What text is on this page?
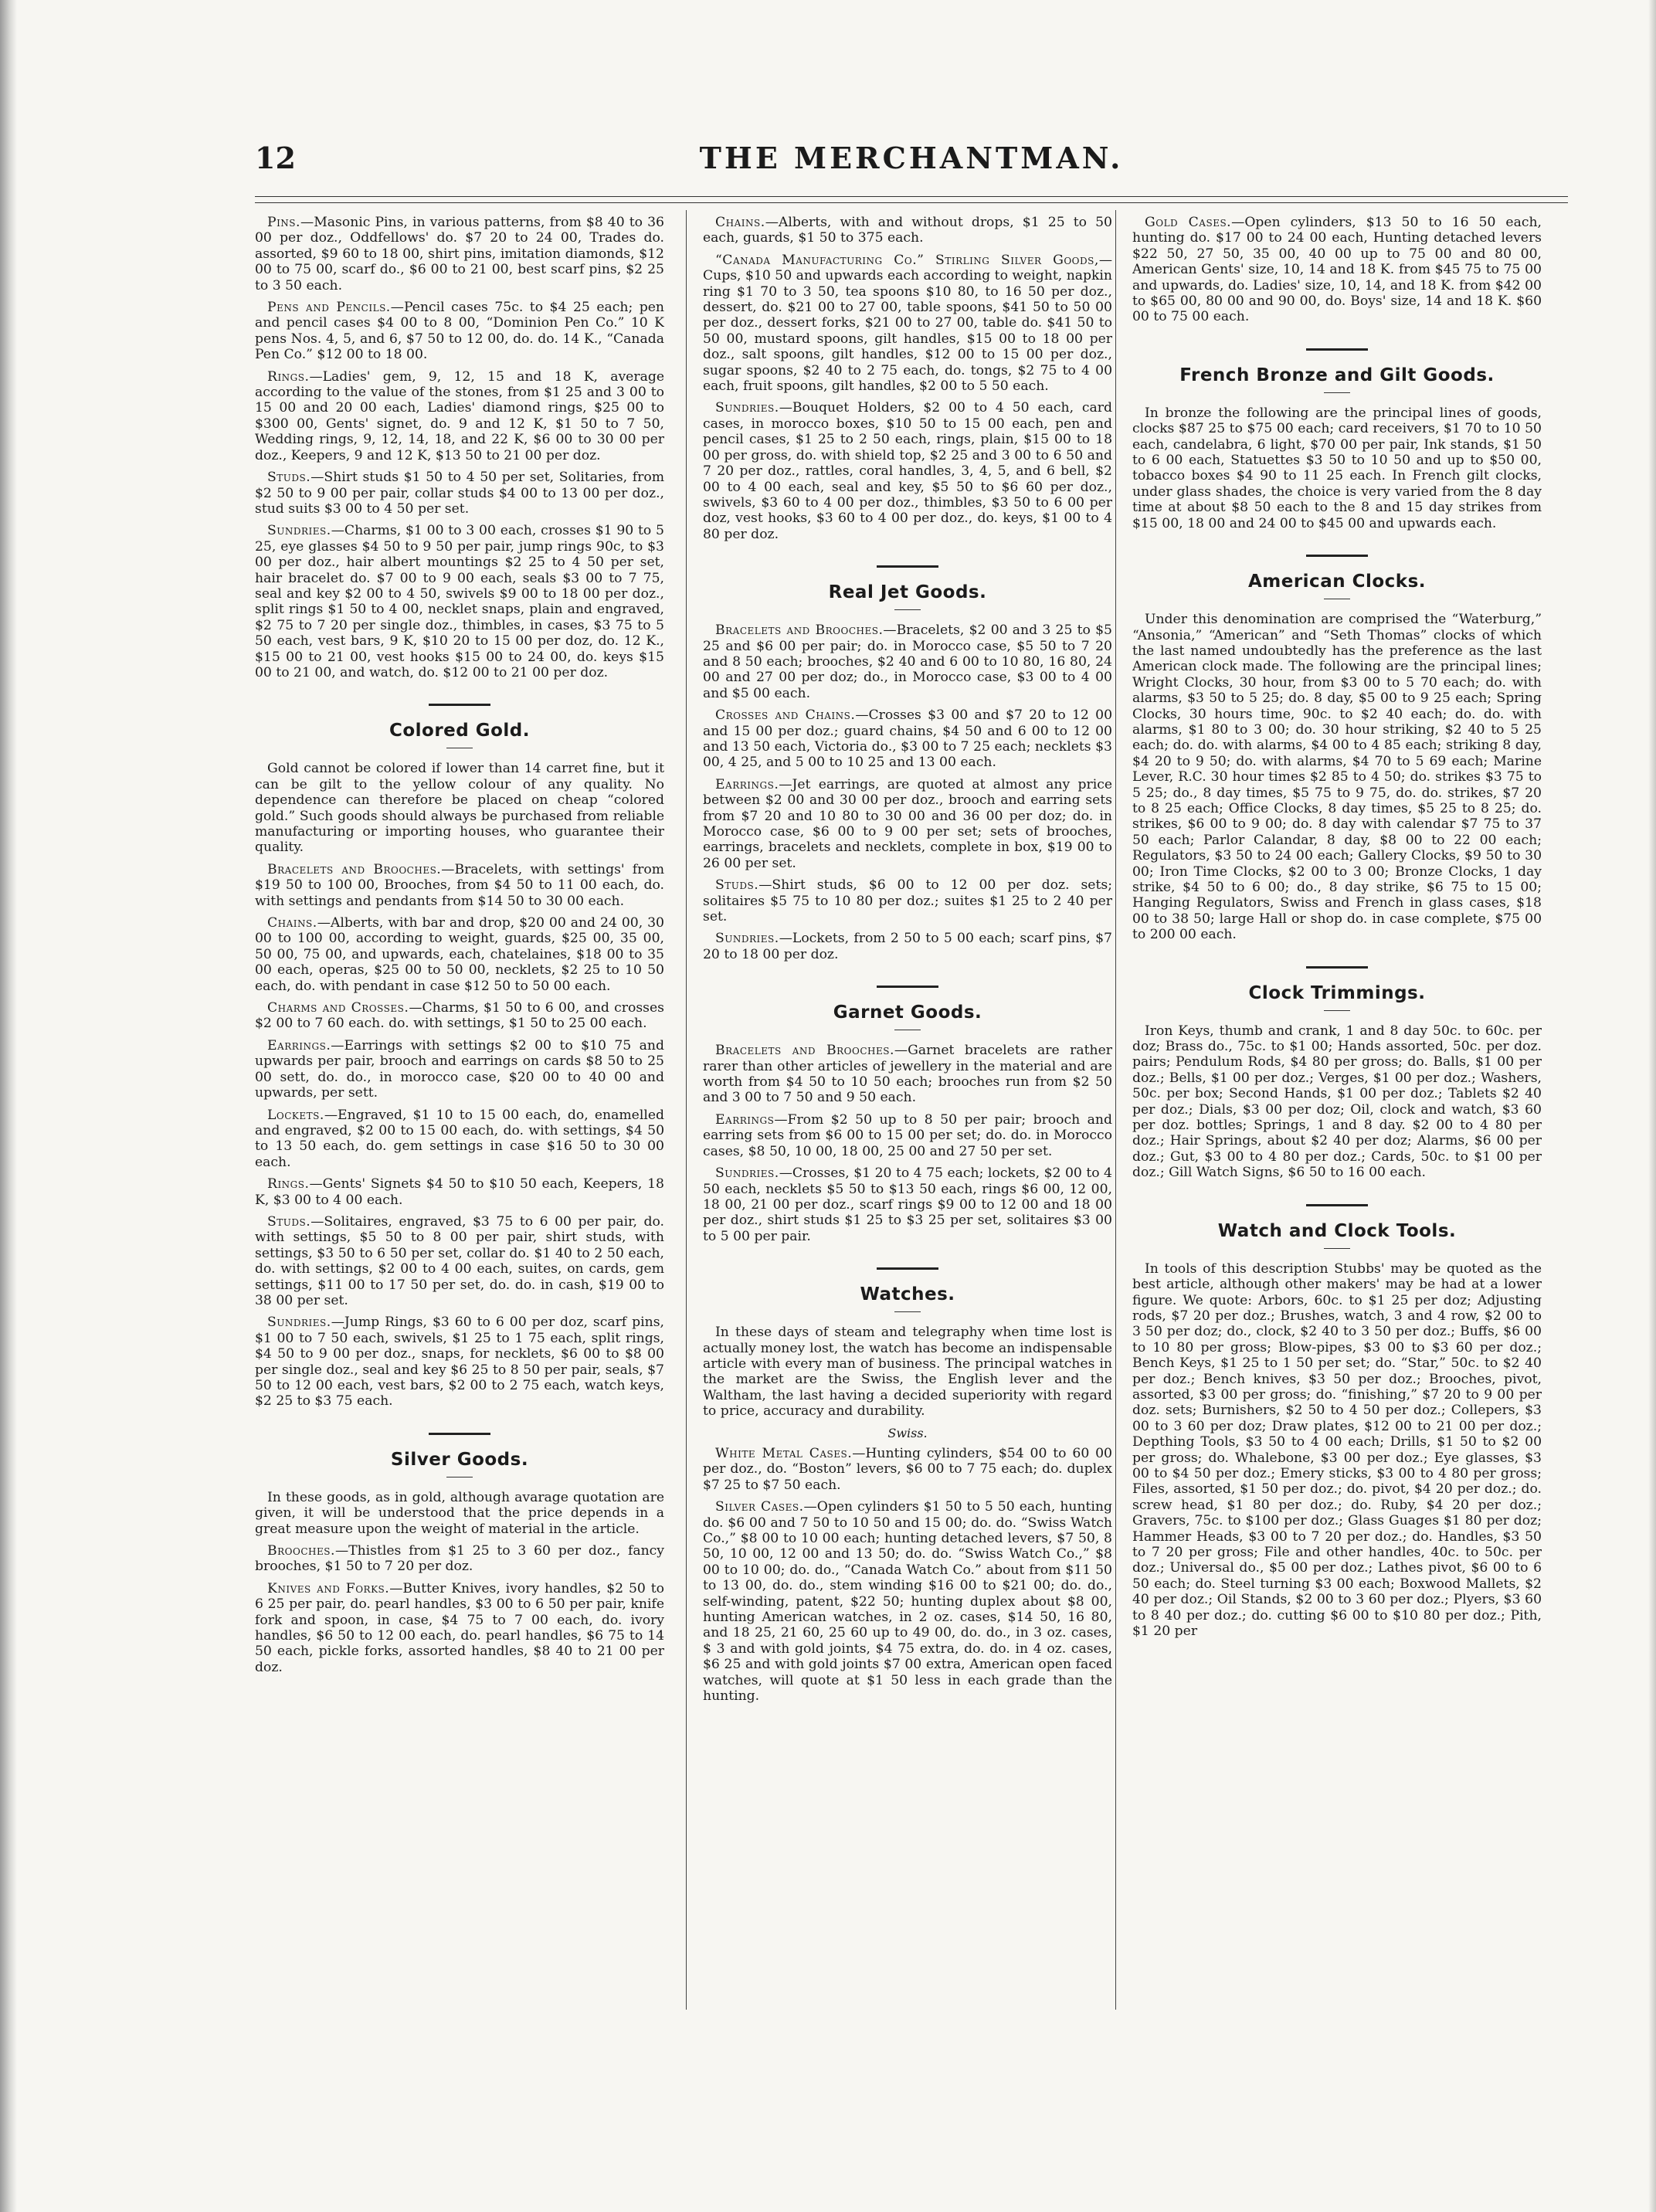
12	THE MERCHANTMAN.

Pins.—Masonic Pins, in various patterns, from $8 40 to 36 00 per doz., Oddfellows' do. $7 20 to 24 00, Trades do. assorted, $9 60 to 18 00, shirt pins, imitation diamonds, $12 00 to 75 00, scarf do., $6 00 to 21 00, best scarf pins, $2 25 to 3 50 each.

Pens and Pencils.—Pencil cases 75c. to $4 25 each; pen and pencil cases $4 00 to 8 00, “Dominion Pen Co.” 10 K pens Nos. 4, 5, and 6, $7 50 to 12 00, do. do. 14 K., “Canada Pen Co.” $12 00 to 18 00.

Rings.—Ladies' gem, 9, 12, 15 and 18 K, average according to the value of the stones, from $1 25 and 3 00 to 15 00 and 20 00 each, Ladies' diamond rings, $25 00 to $300 00, Gents' signet, do. 9 and 12 K, $1 50 to 7 50, Wedding rings, 9, 12, 14, 18, and 22 K, $6 00 to 30 00 per doz., Keepers, 9 and 12 K, $13 50 to 21 00 per doz.

Studs.—Shirt studs $1 50 to 4 50 per set, Solitaries, from $2 50 to 9 00 per pair, collar studs $4 00 to 13 00 per doz., stud suits $3 00 to 4 50 per set.

Sundries.—Charms, $1 00 to 3 00 each, crosses $1 90 to 5 25, eye glasses $4 50 to 9 50 per pair, jump rings 90c, to $3 00 per doz., hair albert mountings $2 25 to 4 50 per set, hair bracelet do. $7 00 to 9 00 each, seals $3 00 to 7 75, seal and key $2 00 to 4 50, swivels $9 00 to 18 00 per doz., split rings $1 50 to 4 00, necklet snaps, plain and engraved, $2 75 to 7 20 per single doz., thimbles, in cases, $3 75 to 5 50 each, vest bars, 9 K, $10 20 to 15 00 per doz, do. 12 K., $15 00 to 21 00, vest hooks $15 00 to 24 00, do. keys $15 00 to 21 00, and watch, do. $12 00 to 21 00 per doz.

Colored Gold.

Gold cannot be colored if lower than 14 carret fine, but it can be gilt to the yellow colour of any quality. No dependence can therefore be placed on cheap “colored gold.” Such goods should always be purchased from reliable manufacturing or importing houses, who guarantee their quality.

Bracelets and Brooches.—Bracelets, with settings' from $19 50 to 100 00, Brooches, from $4 50 to 11 00 each, do. with settings and pendants from $14 50 to 30 00 each.

Chains.—Alberts, with bar and drop, $20 00 and 24 00, 30 00 to 100 00, according to weight, guards, $25 00, 35 00, 50 00, 75 00, and upwards, each, chatelaines, $18 00 to 35 00 each, operas, $25 00 to 50 00, necklets, $2 25 to 10 50 each, do. with pendant in case $12 50 to 50 00 each.

Charms and Crosses.—Charms, $1 50 to 6 00, and crosses $2 00 to 7 60 each. do. with settings, $1 50 to 25 00 each.

Earrings.—Earrings with settings $2 00 to $10 75 and upwards per pair, brooch and earrings on cards $8 50 to 25 00 sett, do. do., in morocco case, $20 00 to 40 00 and upwards, per sett.

Lockets.—Engraved, $1 10 to 15 00 each, do, enamelled and engraved, $2 00 to 15 00 each, do. with settings, $4 50 to 13 50 each, do. gem settings in case $16 50 to 30 00 each.

Rings.—Gents' Signets $4 50 to $10 50 each, Keepers, 18 K, $3 00 to 4 00 each.

Studs.—Solitaires, engraved, $3 75 to 6 00 per pair, do. with settings, $5 50 to 8 00 per pair, shirt studs, with settings, $3 50 to 6 50 per set, collar do. $1 40 to 2 50 each, do. with settings, $2 00 to 4 00 each, suites, on cards, gem settings, $11 00 to 17 50 per set, do. do. in cash, $19 00 to 38 00 per set.

Sundries.—Jump Rings, $3 60 to 6 00 per doz, scarf pins, $1 00 to 7 50 each, swivels, $1 25 to 1 75 each, split rings, $4 50 to 9 00 per doz., snaps, for necklets, $6 00 to $8 00 per single doz., seal and key $6 25 to 8 50 per pair, seals, $7 50 to 12 00 each, vest bars, $2 00 to 2 75 each, watch keys, $2 25 to $3 75 each.

Silver Goods.

In these goods, as in gold, although avarage quotation are given, it will be understood that the price depends in a great measure upon the weight of material in the article.

Brooches.—Thistles from $1 25 to 3 60 per doz., fancy brooches, $1 50 to 7 20 per doz.

Knives and Forks.—Butter Knives, ivory handles, $2 50 to 6 25 per pair, do. pearl handles, $3 00 to 6 50 per pair, knife fork and spoon, in case, $4 75 to 7 00 each, do. ivory handles, $6 50 to 12 00 each, do. pearl handles, $6 75 to 14 50 each, pickle forks, assorted handles, $8 40 to 21 00 per doz.

Chains.—Alberts, with and without drops, $1 25 to 50 each, guards, $1 50 to 375 each.

“Canada Manufacturing Co.” Stirling Silver Goods,—Cups, $10 50 and upwards each according to weight, napkin ring $1 70 to 3 50, tea spoons $10 80, to 16 50 per doz., dessert, do. $21 00 to 27 00, table spoons, $41 50 to 50 00 per doz., dessert forks, $21 00 to 27 00, table do. $41 50 to 50 00, mustard spoons, gilt handles, $15 00 to 18 00 per doz., salt spoons, gilt handles, $12 00 to 15 00 per doz., sugar spoons, $2 40 to 2 75 each, do. tongs, $2 75 to 4 00 each, fruit spoons, gilt handles, $2 00 to 5 50 each.

Sundries.—Bouquet Holders, $2 00 to 4 50 each, card cases, in morocco boxes, $10 50 to 15 00 each, pen and pencil cases, $1 25 to 2 50 each, rings, plain, $15 00 to 18 00 per gross, do. with shield top, $2 25 and 3 00 to 6 50 and 7 20 per doz., rattles, coral handles, 3, 4, 5, and 6 bell, $2 00 to 4 00 each, seal and key, $5 50 to $6 60 per doz., swivels, $3 60 to 4 00 per doz., thimbles, $3 50 to 6 00 per doz, vest hooks, $3 60 to 4 00 per doz., do. keys, $1 00 to 4 80 per doz.

Real Jet Goods.

Bracelets and Brooches.—Bracelets, $2 00 and 3 25 to $5 25 and $6 00 per pair; do. in Morocco case, $5 50 to 7 20 and 8 50 each; brooches, $2 40 and 6 00 to 10 80, 16 80, 24 00 and 27 00 per doz; do., in Morocco case, $3 00 to 4 00 and $5 00 each.

Crosses and Chains.—Crosses $3 00 and $7 20 to 12 00 and 15 00 per doz.; guard chains, $4 50 and 6 00 to 12 00 and 13 50 each, Victoria do., $3 00 to 7 25 each; necklets $3 00, 4 25, and 5 00 to 10 25 and 13 00 each.

Earrings.—Jet earrings, are quoted at almost any price between $2 00 and 30 00 per doz., brooch and earring sets from $7 20 and 10 80 to 30 00 and 36 00 per doz; do. in Morocco case, $6 00 to 9 00 per set; sets of brooches, earrings, bracelets and necklets, complete in box, $19 00 to 26 00 per set.

Studs.—Shirt studs, $6 00 to 12 00 per doz. sets; solitaires $5 75 to 10 80 per doz.; suites $1 25 to 2 40 per set.

Sundries.—Lockets, from 2 50 to 5 00 each; scarf pins, $7 20 to 18 00 per doz.

Garnet Goods.

Bracelets and Brooches.—Garnet bracelets are rather rarer than other articles of jewellery in the material and are worth from $4 50 to 10 50 each; brooches run from $2 50 and 3 00 to 7 50 and 9 50 each.

Earrings—From $2 50 up to 8 50 per pair; brooch and earring sets from $6 00 to 15 00 per set; do. do. in Morocco cases, $8 50, 10 00, 18 00, 25 00 and 27 50 per set.

Sundries.—Crosses, $1 20 to 4 75 each; lockets, $2 00 to 4 50 each, necklets $5 50 to $13 50 each, rings $6 00, 12 00, 18 00, 21 00 per doz., scarf rings $9 00 to 12 00 and 18 00 per doz., shirt studs $1 25 to $3 25 per set, solitaires $3 00 to 5 00 per pair.

Watches.

In these days of steam and telegraphy when time lost is actually money lost, the watch has become an indispensable article with every man of business. The principal watches in the market are the Swiss, the English lever and the Waltham, the last having a decided superiority with regard to price, accuracy and durability.

Swiss.

White Metal Cases.—Hunting cylinders, $54 00 to 60 00 per doz., do. “Boston” levers, $6 00 to 7 75 each; do. duplex $7 25 to $7 50 each.

Silver Cases.—Open cylinders $1 50 to 5 50 each, hunting do. $6 00 and 7 50 to 10 50 and 15 00; do. do. “Swiss Watch Co.,” $8 00 to 10 00 each; hunting detached levers, $7 50, 8 50, 10 00, 12 00 and 13 50; do. do. “Swiss Watch Co.,” $8 00 to 10 00; do. do., “Canada Watch Co.” about from $11 50 to 13 00, do. do., stem winding $16 00 to $21 00; do. do., self-winding, patent, $22 50; hunting duplex about $8 00, hunting American watches, in 2 oz. cases, $14 50, 16 80, and 18 25, 21 60, 25 60 up to 49 00, do. do., in 3 oz. cases, $ 3 and with gold joints, $4 75 extra, do. do. in 4 oz. cases, $6 25 and with gold joints $7 00 extra, American open faced watches, will quote at $1 50 less in each grade than the hunting.

Gold Cases.—Open cylinders, $13 50 to 16 50 each, hunting do. $17 00 to 24 00 each, Hunting detached levers $22 50, 27 50, 35 00, 40 00 up to 75 00 and 80 00, American Gents' size, 10, 14 and 18 K. from $45 75 to 75 00 and upwards, do. Ladies' size, 10, 14, and 18 K. from $42 00 to $65 00, 80 00 and 90 00, do. Boys' size, 14 and 18 K. $60 00 to 75 00 each.

French Bronze and Gilt Goods.

In bronze the following are the principal lines of goods, clocks $87 25 to $75 00 each; card receivers, $1 70 to 10 50 each, candelabra, 6 light, $70 00 per pair, Ink stands, $1 50 to 6 00 each, Statuettes $3 50 to 10 50 and up to $50 00, tobacco boxes $4 90 to 11 25 each. In French gilt clocks, under glass shades, the choice is very varied from the 8 day time at about $8 50 each to the 8 and 15 day strikes from $15 00, 18 00 and 24 00 to $45 00 and upwards each.

American Clocks.

Under this denomination are comprised the “Waterburg,” “Ansonia,” “American” and “Seth Thomas” clocks of which the last named undoubtedly has the preference as the last American clock made. The following are the principal lines; Wright Clocks, 30 hour, from $3 00 to 5 70 each; do. with alarms, $3 50 to 5 25; do. 8 day, $5 00 to 9 25 each; Spring Clocks, 30 hours time, 90c. to $2 40 each; do. do. with alarms, $1 80 to 3 00; do. 30 hour striking, $2 40 to 5 25 each; do. do. with alarms, $4 00 to 4 85 each; striking 8 day, $4 20 to 9 50; do. with alarms, $4 70 to 5 69 each; Marine Lever, R.C. 30 hour times $2 85 to 4 50; do. strikes $3 75 to 5 25; do., 8 day times, $5 75 to 9 75, do. do. strikes, $7 20 to 8 25 each; Office Clocks, 8 day times, $5 25 to 8 25; do. strikes, $6 00 to 9 00; do. 8 day with calendar $7 75 to 37 50 each; Parlor Calandar, 8 day, $8 00 to 22 00 each; Regulators, $3 50 to 24 00 each; Gallery Clocks, $9 50 to 30 00; Iron Time Clocks, $2 00 to 3 00; Bronze Clocks, 1 day strike, $4 50 to 6 00; do., 8 day strike, $6 75 to 15 00; Hanging Regulators, Swiss and French in glass cases, $18 00 to 38 50; large Hall or shop do. in case complete, $75 00 to 200 00 each.

Clock Trimmings.

Iron Keys, thumb and crank, 1 and 8 day 50c. to 60c. per doz; Brass do., 75c. to $1 00; Hands assorted, 50c. per doz. pairs; Pendulum Rods, $4 80 per gross; do. Balls, $1 00 per doz.; Bells, $1 00 per doz.; Verges, $1 00 per doz.; Washers, 50c. per box; Second Hands, $1 00 per doz.; Tablets $2 40 per doz.; Dials, $3 00 per doz; Oil, clock and watch, $3 60 per doz. bottles; Springs, 1 and 8 day. $2 00 to 4 80 per doz.; Hair Springs, about $2 40 per doz; Alarms, $6 00 per doz.; Gut, $3 00 to 4 80 per doz.; Cards, 50c. to $1 00 per doz.; Gill Watch Signs, $6 50 to 16 00 each.

Watch and Clock Tools.

In tools of this description Stubbs' may be quoted as the best article, although other makers' may be had at a lower figure. We quote: Arbors, 60c. to $1 25 per doz; Adjusting rods, $7 20 per doz.; Brushes, watch, 3 and 4 row, $2 00 to 3 50 per doz; do., clock, $2 40 to 3 50 per doz.; Buffs, $6 00 to 10 80 per gross; Blow-pipes, $3 00 to $3 60 per doz.; Bench Keys, $1 25 to 1 50 per set; do. “Star,” 50c. to $2 40 per doz.; Bench knives, $3 50 per doz.; Brooches, pivot, assorted, $3 00 per gross; do. “finishing,” $7 20 to 9 00 per doz. sets; Burnishers, $2 50 to 4 50 per doz.; Collepers, $3 00 to 3 60 per doz; Draw plates, $12 00 to 21 00 per doz.; Depthing Tools, $3 50 to 4 00 each; Drills, $1 50 to $2 00 per gross; do. Whalebone, $3 00 per doz.; Eye glasses, $3 00 to $4 50 per doz.; Emery sticks, $3 00 to 4 80 per gross; Files, assorted, $1 50 per doz.; do. pivot, $4 20 per doz.; do. screw head, $1 80 per doz.; do. Ruby, $4 20 per doz.; Gravers, 75c. to $100 per doz.; Glass Guages $1 80 per doz; Hammer Heads, $3 00 to 7 20 per doz.; do. Handles, $3 50 to 7 20 per gross; File and other handles, 40c. to 50c. per doz.; Universal do., $5 00 per doz.; Lathes pivot, $6 00 to 6 50 each; do. Steel turning $3 00 each; Boxwood Mallets, $2 40 per doz.; Oil Stands, $2 00 to 3 60 per doz.; Plyers, $3 60 to 8 40 per doz.; do. cutting $6 00 to $10 80 per doz.; Pith, $1 20 per
